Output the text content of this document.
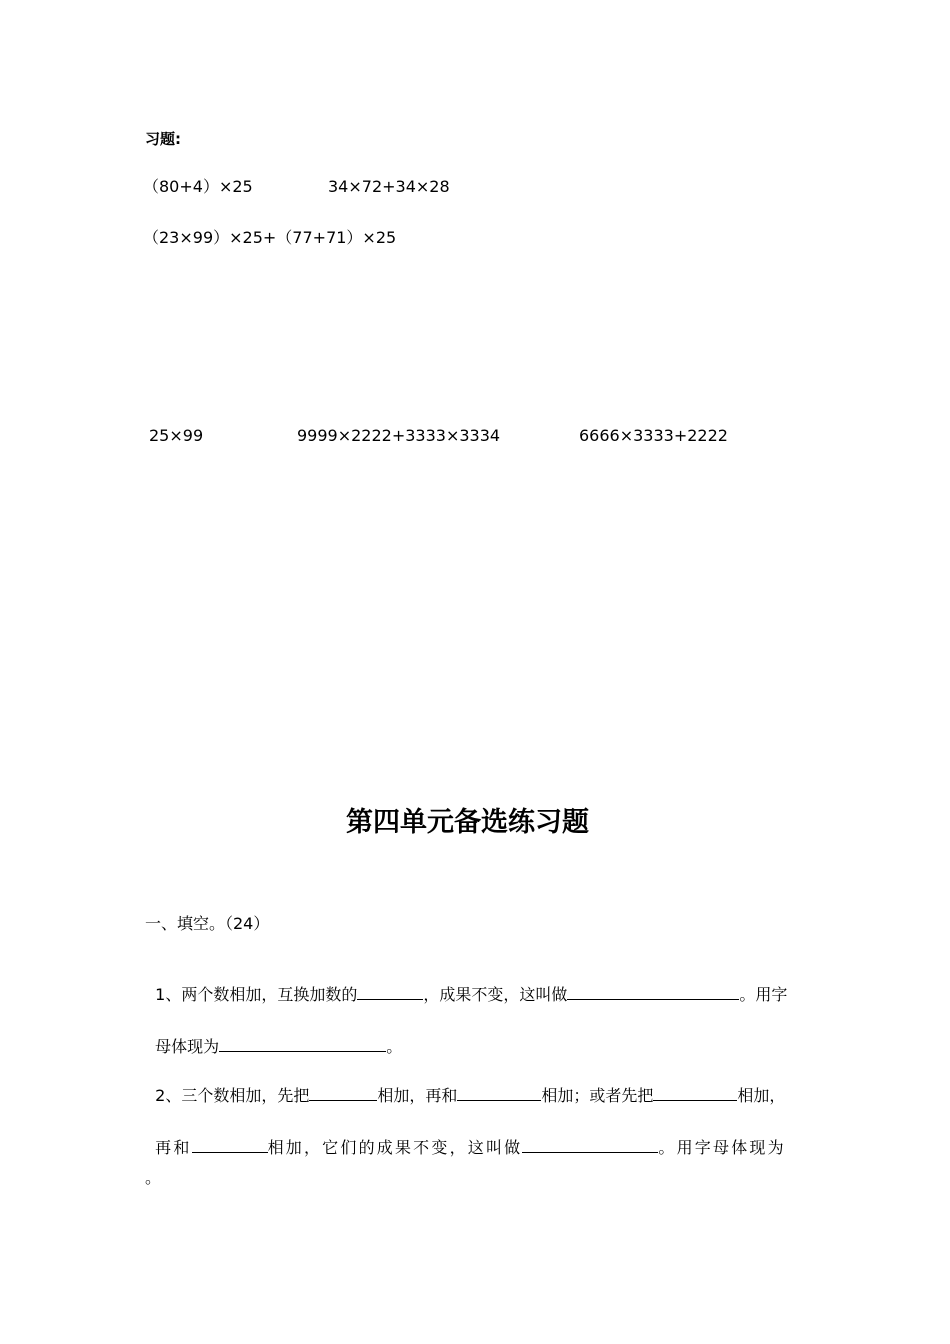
习题:
（80+4）×25	34×72+34×28
（23×99）×25+（77+71）×25
25×99	9999×2222+3333×3334	6666×3333+2222
第四单元备选练习题
一、填空。（24）

1、两个数相加，互换加数的	，成果不变，这叫做	。用字

母体现为	。

2、三个数相加，先把	相加，再和	相加；或者先把	相加，

再和	相加，它们的成果不变，这叫做	。用字母体现为

。
